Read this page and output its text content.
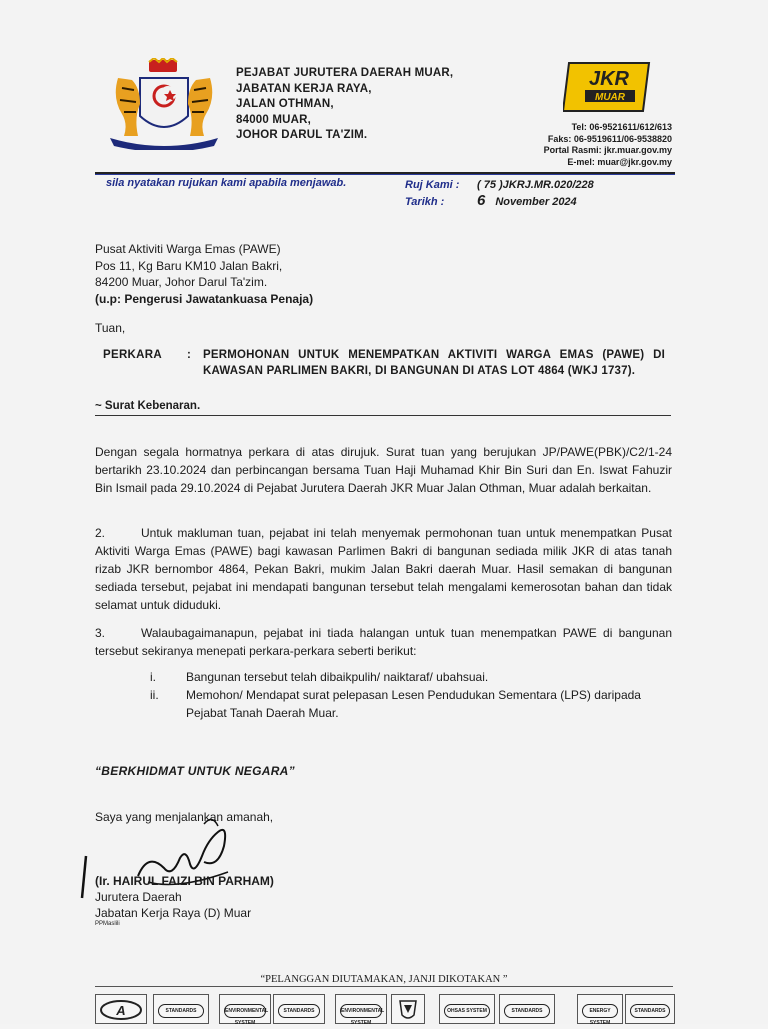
PEJABAT JURUTERA DAERAH MUAR,
JABATAN KERJA RAYA,
JALAN OTHMAN,
84000 MUAR,
JOHOR DARUL TA'ZIM.
JKR
MUAR
Tel: 06-9521611/612/613
Faks: 06-9519611/06-9538820
Portal Rasmi: jkr.muar.gov.my
E-mel: muar@jkr.gov.my
sila nyatakan rujukan kami apabila menjawab.	Ruj Kami : ( 75 )JKRJ.MR.020/228
Tarikh : 6 November 2024
Pusat Aktiviti Warga Emas (PAWE)
Pos 11, Kg Baru KM10 Jalan Bakri,
84200 Muar, Johor Darul Ta'zim.
(u.p: Pengerusi Jawatankuasa Penaja)
Tuan,
PERKARA : PERMOHONAN UNTUK MENEMPATKAN AKTIVITI WARGA EMAS (PAWE) DI KAWASAN PARLIMEN BAKRI, DI BANGUNAN DI ATAS LOT 4864 (WKJ 1737).
~ Surat Kebenaran.
Dengan segala hormatnya perkara di atas dirujuk. Surat tuan yang berujukan JP/PAWE(PBK)/C2/1-24 bertarikh 23.10.2024 dan perbincangan bersama Tuan Haji Muhamad Khir Bin Suri dan En. Iswat Fahuzir Bin Ismail pada 29.10.2024 di Pejabat Jurutera Daerah JKR Muar Jalan Othman, Muar adalah berkaitan.
2.	Untuk makluman tuan, pejabat ini telah menyemak permohonan tuan untuk menempatkan Pusat Aktiviti Warga Emas (PAWE) bagi kawasan Parlimen Bakri di bangunan sediada milik JKR di atas tanah rizab JKR bernombor 4864, Pekan Bakri, mukim Jalan Bakri daerah Muar. Hasil semakan di bangunan sediada tersebut, pejabat ini mendapati bangunan tersebut telah mengalami kemerosotan bahan dan tidak selamat untuk diduduki.
3.	Walaubagaimanapun, pejabat ini tiada halangan untuk tuan menempatkan PAWE di bangunan tersebut sekiranya menepati perkara-perkara seberti berikut:
i.	Bangunan tersebut telah dibaikpulih/ naiktaraf/ ubahsuai.
ii.	Memohon/ Mendapat surat pelepasan Lesen Pendudukan Sementara (LPS) daripada Pejabat Tanah Daerah Muar.
“BERKHIDMAT UNTUK NEGARA”
Saya yang menjalankan amanah,
(Ir. HAIRUL FAIZI BIN PARHAM)
Jurutera Daerah
Jabatan Kerja Raya (D) Muar
PPMaslili
“PELANGGAN DIUTAMAKAN, JANJI DIKOTAKAN ”
A	STANDARDS	ENVIRONMENTAL SYSTEM
STANDARDS	ENVIRONMENTAL SYSTEM
OHSAS SYSTEM	STANDARDS	ENERGY SYSTEM
STANDARDS
